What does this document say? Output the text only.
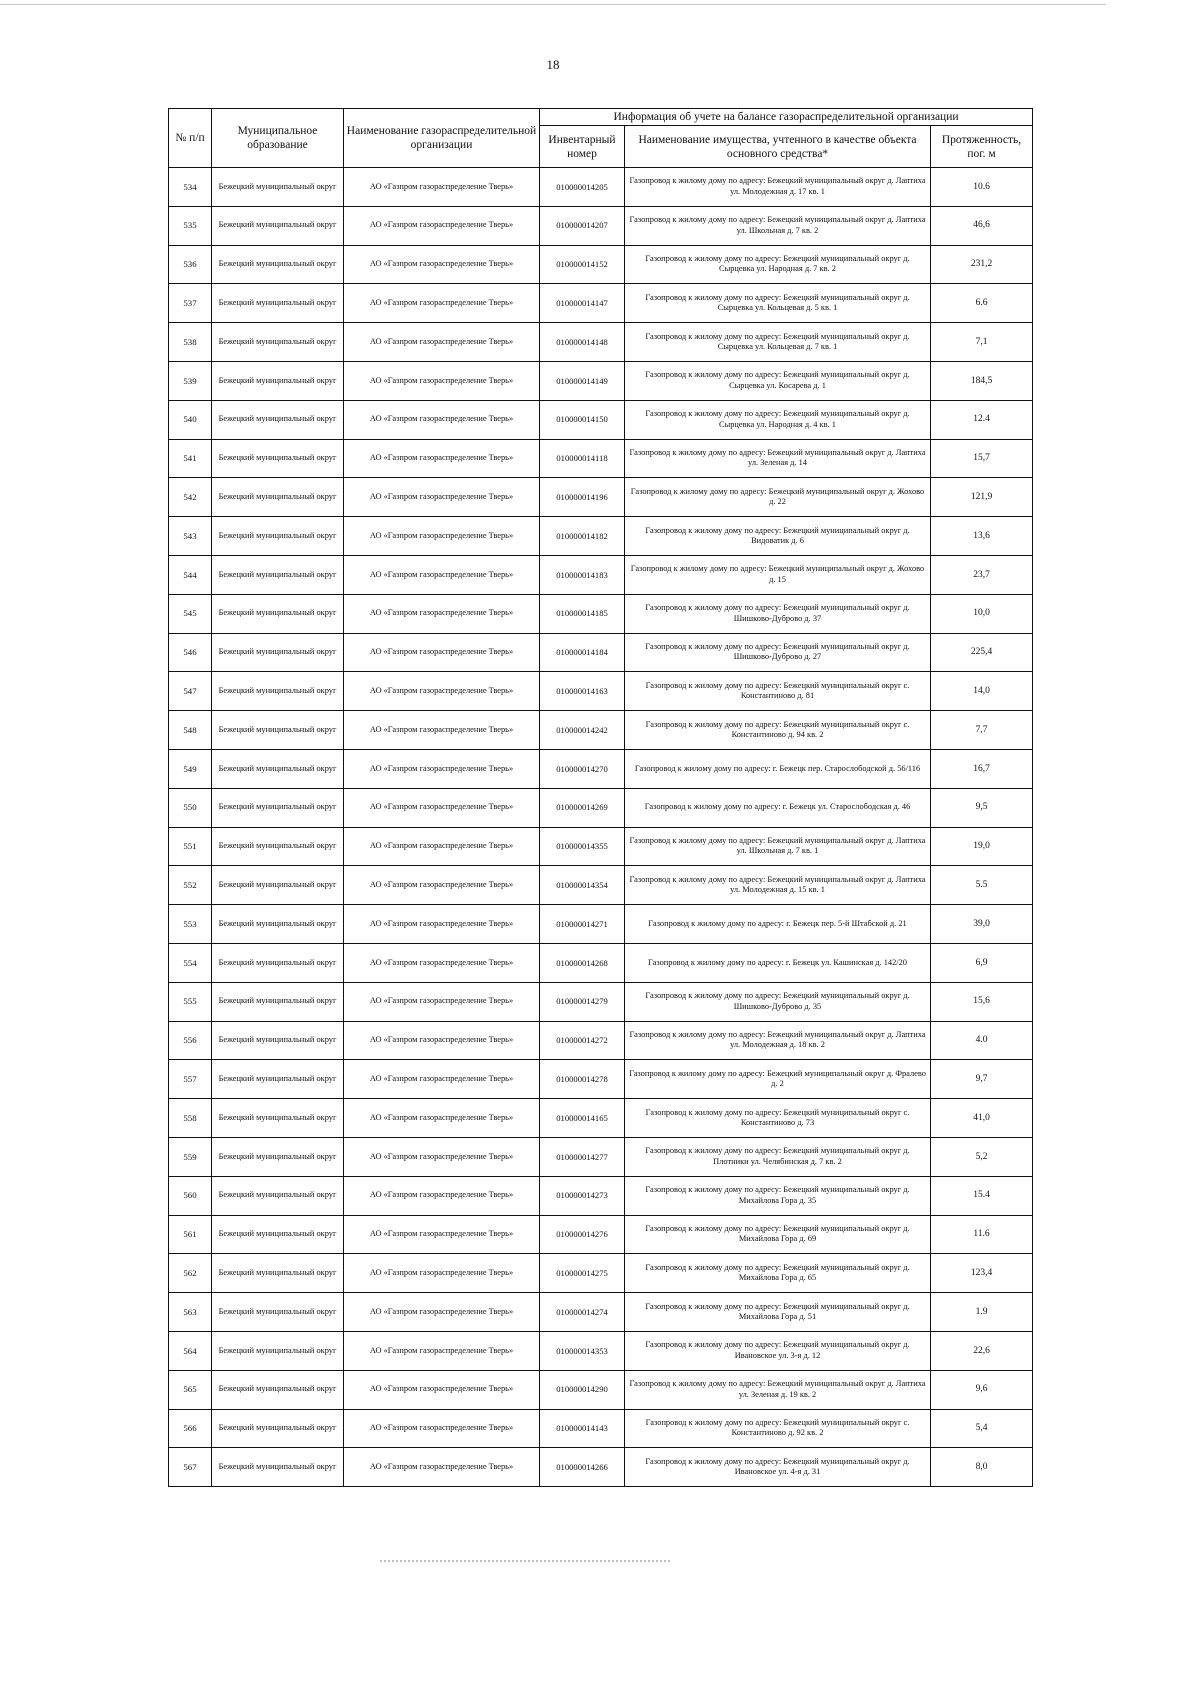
18
№ п/п	Муниципальное образование	Наименование газораспределительной организации	Информация об учете на балансе газораспределительной организации		
			Инвентарный номер	Наименование имущества, учтенного в качестве объекта основного средства*	Протяженность, пог. м
534	Бежецкий муниципальный округ	АО «Газпром газораспределение Тверь»	010000014205	Газопровод к жилому дому по адресу: Бежецкий муниципальный округ д. Лаптиха ул. Молодежная д. 17 кв. 1	10.6
535	Бежецкий муниципальный округ	АО «Газпром газораспределение Тверь»	010000014207	Газопровод к жилому дому по адресу: Бежецкий муниципальный округ д. Лаптиха ул. Школьная д. 7 кв. 2	46,6
536	Бежецкий муниципальный округ	АО «Газпром газораспределение Тверь»	010000014152	Газопровод к жилому дому по адресу: Бежецкий муниципальный округ д. Сырцевка ул. Народная д. 7 кв. 2	231,2
537	Бежецкий муниципальный округ	АО «Газпром газораспределение Тверь»	010000014147	Газопровод к жилому дому по адресу: Бежецкий муниципальный округ д. Сырцевка ул. Кольцевая д. 5 кв. 1	6.6
538	Бежецкий муниципальный округ	АО «Газпром газораспределение Тверь»	010000014148	Газопровод к жилому дому по адресу: Бежецкий муниципальный округ д. Сырцевка ул. Кольцевая д. 7 кв. 1	7,1
539	Бежецкий муниципальный округ	АО «Газпром газораспределение Тверь»	010000014149	Газопровод к жилому дому по адресу: Бежецкий муниципальный округ д. Сырцевка ул. Косарева д. 1	184,5
540	Бежецкий муниципальный округ	АО «Газпром газораспределение Тверь»	010000014150	Газопровод к жилому дому по адресу: Бежецкий муниципальный округ д. Сырцевка ул. Народная д. 4 кв. 1	12.4
541	Бежецкий муниципальный округ	АО «Газпром газораспределение Тверь»	010000014118	Газопровод к жилому дому по адресу: Бежецкий муниципальный округ д. Лаптиха ул. Зеленая д. 14	15,7
542	Бежецкий муниципальный округ	АО «Газпром газораспределение Тверь»	010000014196	Газопровод к жилому дому по адресу: Бежецкий муниципальный округ д. Жохово д. 22	121,9
543	Бежецкий муниципальный округ	АО «Газпром газораспределение Тверь»	010000014182	Газопровод к жилому дому по адресу: Бежецкий муниципальный округ д. Видоватик д. 6	13,6
544	Бежецкий муниципальный округ	АО «Газпром газораспределение Тверь»	010000014183	Газопровод к жилому дому по адресу: Бежецкий муниципальный округ д. Жохово д. 15	23,7
545	Бежецкий муниципальный округ	АО «Газпром газораспределение Тверь»	010000014185	Газопровод к жилому дому по адресу: Бежецкий муниципальный округ д. Шишково-Дуброво д. 37	10,0
546	Бежецкий муниципальный округ	АО «Газпром газораспределение Тверь»	010000014184	Газопровод к жилому дому по адресу: Бежецкий муниципальный округ д. Шишково-Дуброво д. 27	225,4
547	Бежецкий муниципальный округ	АО «Газпром газораспределение Тверь»	010000014163	Газопровод к жилому дому по адресу: Бежецкий муниципальный округ с. Константиново д. 81	14,0
548	Бежецкий муниципальный округ	АО «Газпром газораспределение Тверь»	010000014242	Газопровод к жилому дому по адресу: Бежецкий муниципальный округ с. Константиново д. 94 кв. 2	7,7
549	Бежецкий муниципальный округ	АО «Газпром газораспределение Тверь»	010000014270	Газопровод к жилому дому по адресу: г. Бежецк пер. Старослободской д. 56/116	16,7
550	Бежецкий муниципальный округ	АО «Газпром газораспределение Тверь»	010000014269	Газопровод к жилому дому по адресу: г. Бежецк ул. Старослободская д. 46	9,5
551	Бежецкий муниципальный округ	АО «Газпром газораспределение Тверь»	010000014355	Газопровод к жилому дому по адресу: Бежецкий муниципальный округ д. Лаптиха ул. Школьная д. 7 кв. 1	19,0
552	Бежецкий муниципальный округ	АО «Газпром газораспределение Тверь»	010000014354	Газопровод к жилому дому по адресу: Бежецкий муниципальный округ д. Лаптиха ул. Молодежная д. 15 кв. 1	5.5
553	Бежецкий муниципальный округ	АО «Газпром газораспределение Тверь»	010000014271	Газопровод к жилому дому по адресу: г. Бежецк пер. 5-й Штабской д. 21	39,0
554	Бежецкий муниципальный округ	АО «Газпром газораспределение Тверь»	010000014268	Газопровод к жилому дому по адресу: г. Бежецк ул. Кашинская д. 142/20	6,9
555	Бежецкий муниципальный округ	АО «Газпром газораспределение Тверь»	010000014279	Газопровод к жилому дому по адресу: Бежецкий муниципальный округ д. Шишково-Дуброво д. 35	15,6
556	Бежецкий муниципальный округ	АО «Газпром газораспределение Тверь»	010000014272	Газопровод к жилому дому по адресу: Бежецкий муниципальный округ д. Лаптиха ул. Молодежная д. 18 кв. 2	4.0
557	Бежецкий муниципальный округ	АО «Газпром газораспределение Тверь»	010000014278	Газопровод к жилому дому по адресу: Бежецкий муниципальный округ д. Фралево д. 2	9,7
558	Бежецкий муниципальный округ	АО «Газпром газораспределение Тверь»	010000014165	Газопровод к жилому дому по адресу: Бежецкий муниципальный округ с. Константиново д. 73	41,0
559	Бежецкий муниципальный округ	АО «Газпром газораспределение Тверь»	010000014277	Газопровод к жилому дому по адресу: Бежецкий муниципальный округ д. Плотники ул. Челябинская д. 7 кв. 2	5,2
560	Бежецкий муниципальный округ	АО «Газпром газораспределение Тверь»	010000014273	Газопровод к жилому дому по адресу: Бежецкий муниципальный округ д. Михайлова Гора д. 35	15.4
561	Бежецкий муниципальный округ	АО «Газпром газораспределение Тверь»	010000014276	Газопровод к жилому дому по адресу: Бежецкий муниципальный округ д. Михайлова Гора д. 69	11.6
562	Бежецкий муниципальный округ	АО «Газпром газораспределение Тверь»	010000014275	Газопровод к жилому дому по адресу: Бежецкий муниципальный округ д. Михайлова Гора д. 65	123,4
563	Бежецкий муниципальный округ	АО «Газпром газораспределение Тверь»	010000014274	Газопровод к жилому дому по адресу: Бежецкий муниципальный округ д. Михайлова Гора д. 51	1.9
564	Бежецкий муниципальный округ	АО «Газпром газораспределение Тверь»	010000014353	Газопровод к жилому дому по адресу: Бежецкий муниципальный округ д. Ивановское ул. 3-я д. 12	22,6
565	Бежецкий муниципальный округ	АО «Газпром газораспределение Тверь»	010000014290	Газопровод к жилому дому по адресу: Бежецкий муниципальный округ д. Лаптиха ул. Зеленая д. 19 кв. 2	9,6
566	Бежецкий муниципальный округ	АО «Газпром газораспределение Тверь»	010000014143	Газопровод к жилому дому по адресу: Бежецкий муниципальный округ с. Константиново д. 92 кв. 2	5,4
567	Бежецкий муниципальный округ	АО «Газпром газораспределение Тверь»	010000014266	Газопровод к жилому дому по адресу: Бежецкий муниципальный округ д. Ивановское ул. 4-я д. 31	8,0
